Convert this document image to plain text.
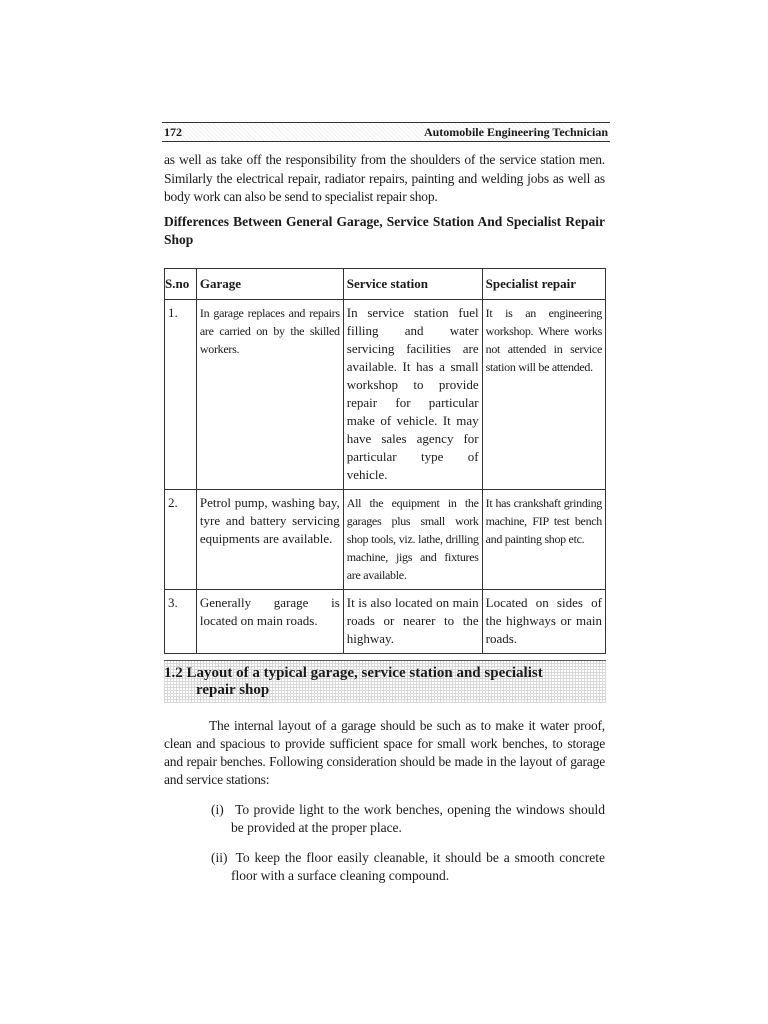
172	Automobile Engineering Technician

as well as take off the responsibility from the shoulders of the service station men. Similarly the electrical repair, radiator repairs, painting and welding jobs as well as body work can also be send to specialist repair shop.

Differences Between General Garage, Service Station And Specialist Repair Shop

S.no	Garage	Service station	Specialist repair
1.	In garage replaces and repairs are carried on by the skilled workers.	In service station fuel filling and water servicing facilities are available. It has a small workshop to provide repair for particular make of vehicle. It may have sales agency for particular type of vehicle.	It is an engineering workshop. Where works not attended in service station will be attended.
2.	Petrol pump, washing bay, tyre and battery servicing equipments are available.	All the equipment in the garages plus small work shop tools, viz. lathe, drilling machine, jigs and fixtures are available.	It has crankshaft grinding machine, FIP test bench and painting shop etc.
3.	Generally garage is located on main roads.	It is also located on main roads or nearer to the highway.	Located on sides of the highways or main roads.
1.2 Layout of a typical garage, service station and specialist
repair shop

The internal layout of a garage should be such as to make it water proof, clean and spacious to provide sufficient space for small work benches, to storage and repair benches. Following consideration should be made in the layout of garage and service stations:

(i) To provide light to the work benches, opening the windows should be provided at the proper place.

(ii) To keep the floor easily cleanable, it should be a smooth concrete floor with a surface cleaning compound.
